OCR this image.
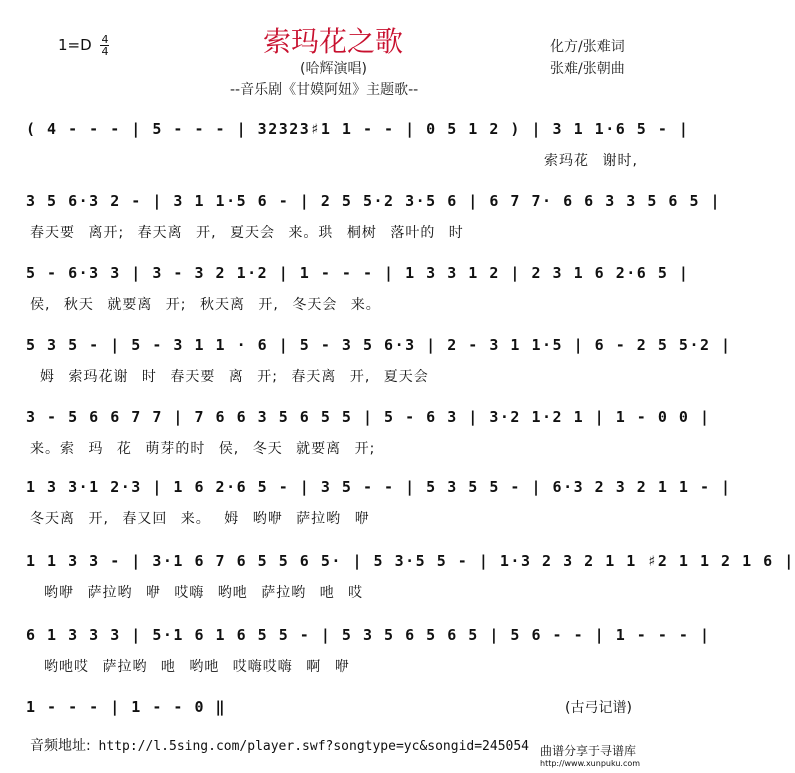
$1=D \frac{4}{4}$	索玛花之歌
(哈辉演唱)
--音乐剧《甘嫫阿妞》主题歌--
化方/张难词
张难/张朝曲
( 4 - - - | 5 - - - | 32323♯1 1 - - | 0 5 1 2 ) | 3 1 1·6 5 - |
索玛花 谢时,
3 5 6·3 2 - | 3 1 1·5 6 - | 2 5 5·2 3·5 6 | 6 7 7· 6 6 3 3 5 6 5 |
春天要 离开; 春天离 开, 夏天会 来。珙 桐树 落叶的 时
5 - 6·3 3 | 3 - 3 2 1·2 | 1 - - - | 1 3 3 1 2 | 2 3 1 6 2·6 5 |
侯, 秋天 就要离 开; 秋天离 开, 冬天会 来。
5 3 5 - | 5 - 3 1 1 · 6 | 5 - 3 5 6·3 | 2 - 3 1 1·5 | 6 - 2 5 5·2 |
姆 索玛花谢 时 春天要 离 开; 春天离 开, 夏天会
3 - 5 6 6 7 7 | 7 6 6 3 5 6 5 5 | 5 - 6 3 | 3·2 1·2 1 | 1 - 0 0 |
来。索 玛 花 萌芽的时 侯, 冬天 就要离 开;
1 3 3·1 2·3 | 1 6 2·6 5 - | 3 5 - - | 5 3 5 5 - | 6·3 2 3 2 1 1 - |
冬天离 开, 春又回 来。 姆 哟咿 萨拉哟 咿
1 1 3 3 - | 3·1 6 7 6 5 5 6 5· | 5 3·5 5 - | 1·3 2 3 2 1 1 ♯2 1 1 2 1 6 |
哟咿 萨拉哟 咿 哎嗨 哟吔 萨拉哟 吔 哎
6 1 3 3 3 | 5·1 6 1 6 5 5 - | 5 3 5 6 5 6 5 | 5 6 - - | 1 - - - |
哟吔哎 萨拉哟 吔 哟吔 哎嗨哎嗨 啊 咿
1 - - - | 1 - - 0 ‖	(古弓记谱)
音频地址: http://l.5sing.com/player.swf?songtype=yc&songid=245054 曲谱分享于寻谱库
http://www.xunpuku.com
